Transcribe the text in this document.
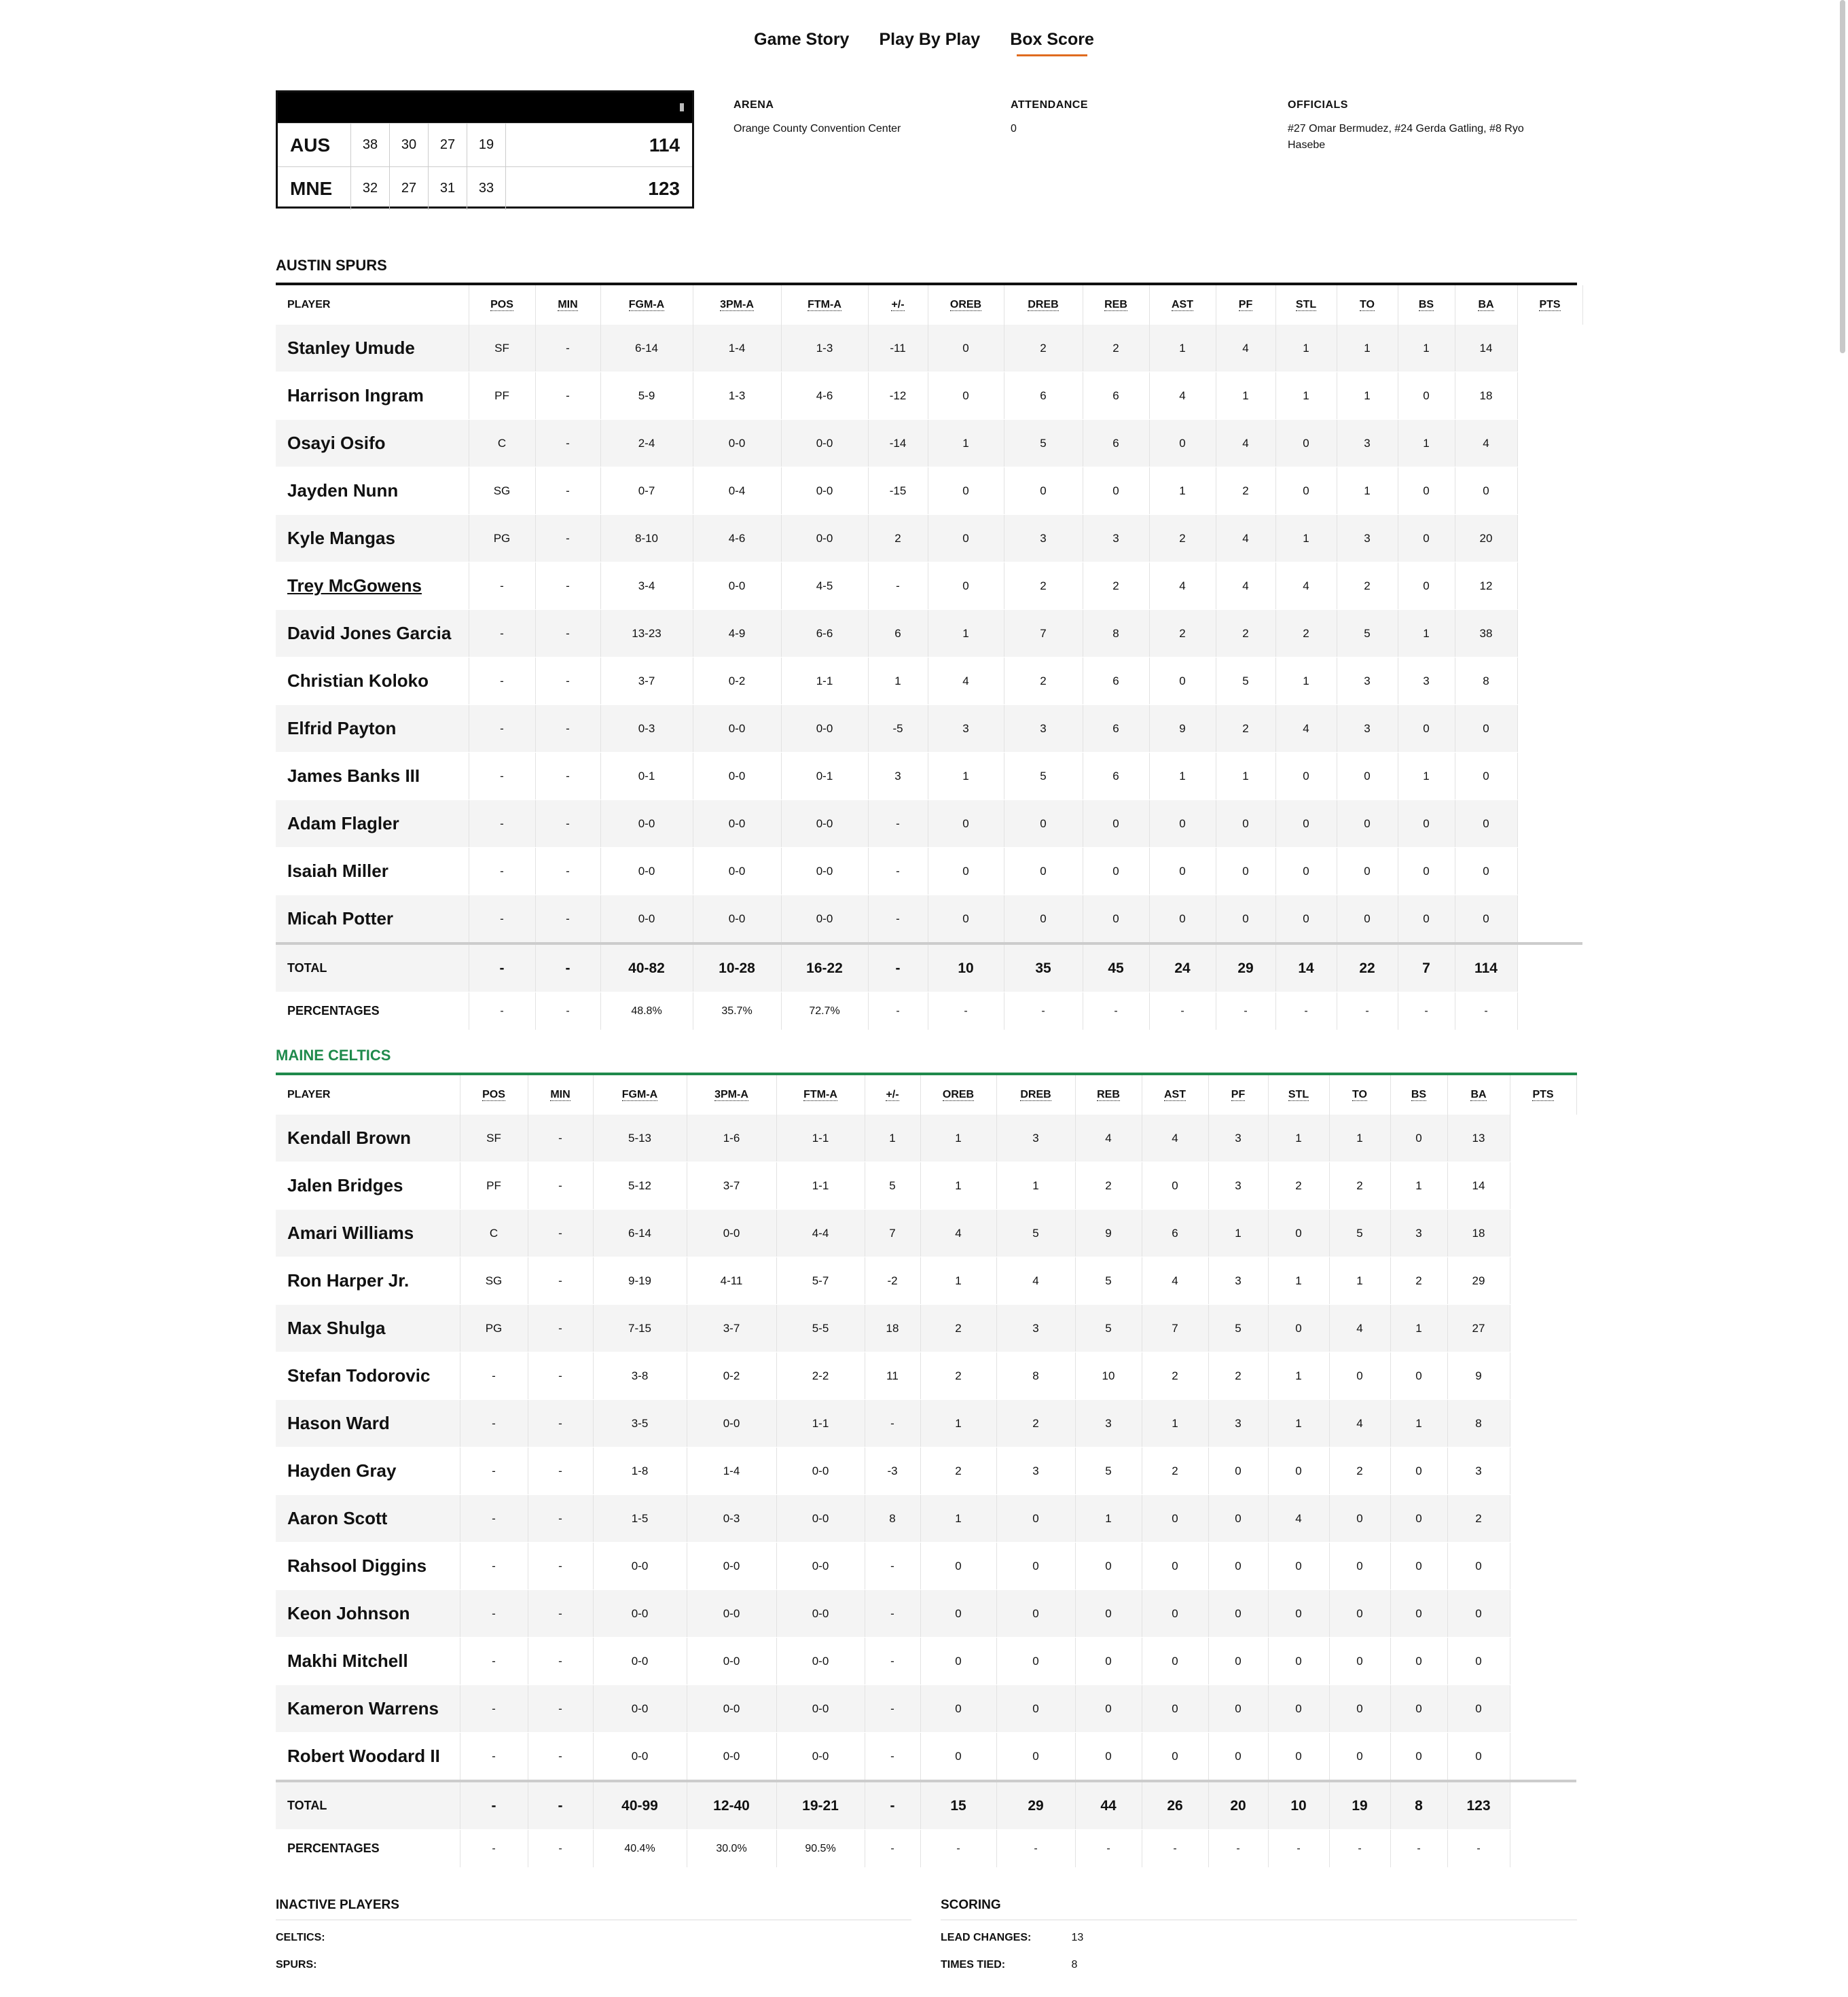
Game Story Play By Play Box Score
AUS	38	30	27	19	114
MNE	32	27	31	33	123
ARENA
Orange County Convention Center
ATTENDANCE
0
OFFICIALS
#27 Omar Bermudez, #24 Gerda Gatling, #8 Ryo Hasebe
AUSTIN SPURS
PLAYER	POS	MIN	FGM-A	3PM-A	FTM-A	+/-	OREB	DREB	REB	AST	PF	STL	TO	BS	BA	PTS
Stanley Umude	SF	-	6-14	1-4	1-3	-11	0	2	2	1	4	1	1	1	14	
Harrison Ingram	PF	-	5-9	1-3	4-6	-12	0	6	6	4	1	1	1	0	18	
Osayi Osifo	C	-	2-4	0-0	0-0	-14	1	5	6	0	4	0	3	1	4	
Jayden Nunn	SG	-	0-7	0-4	0-0	-15	0	0	0	1	2	0	1	0	0	
Kyle Mangas	PG	-	8-10	4-6	0-0	2	0	3	3	2	4	1	3	0	20	
Trey McGowens	-	-	3-4	0-0	4-5	-	0	2	2	4	4	4	2	0	12	
David Jones Garcia	-	-	13-23	4-9	6-6	6	1	7	8	2	2	2	5	1	38	
Christian Koloko	-	-	3-7	0-2	1-1	1	4	2	6	0	5	1	3	3	8	
Elfrid Payton	-	-	0-3	0-0	0-0	-5	3	3	6	9	2	4	3	0	0	
James Banks III	-	-	0-1	0-0	0-1	3	1	5	6	1	1	0	0	1	0	
Adam Flagler	-	-	0-0	0-0	0-0	-	0	0	0	0	0	0	0	0	0	
Isaiah Miller	-	-	0-0	0-0	0-0	-	0	0	0	0	0	0	0	0	0	
Micah Potter	-	-	0-0	0-0	0-0	-	0	0	0	0	0	0	0	0	0	
TOTAL	-	-	40-82	10-28	16-22	-	10	35	45	24	29	14	22	7	114	
PERCENTAGES	-	-	48.8%	35.7%	72.7%	-	-	-	-	-	-	-	-	-	-	
MAINE CELTICS
PLAYER	POS	MIN	FGM-A	3PM-A	FTM-A	+/-	OREB	DREB	REB	AST	PF	STL	TO	BS	BA	PTS
Kendall Brown	SF	-	5-13	1-6	1-1	1	1	3	4	4	3	1	1	0	13	
Jalen Bridges	PF	-	5-12	3-7	1-1	5	1	1	2	0	3	2	2	1	14	
Amari Williams	C	-	6-14	0-0	4-4	7	4	5	9	6	1	0	5	3	18	
Ron Harper Jr.	SG	-	9-19	4-11	5-7	-2	1	4	5	4	3	1	1	2	29	
Max Shulga	PG	-	7-15	3-7	5-5	18	2	3	5	7	5	0	4	1	27	
Stefan Todorovic	-	-	3-8	0-2	2-2	11	2	8	10	2	2	1	0	0	9	
Hason Ward	-	-	3-5	0-0	1-1	-	1	2	3	1	3	1	4	1	8	
Hayden Gray	-	-	1-8	1-4	0-0	-3	2	3	5	2	0	0	2	0	3	
Aaron Scott	-	-	1-5	0-3	0-0	8	1	0	1	0	0	4	0	0	2	
Rahsool Diggins	-	-	0-0	0-0	0-0	-	0	0	0	0	0	0	0	0	0	
Keon Johnson	-	-	0-0	0-0	0-0	-	0	0	0	0	0	0	0	0	0	
Makhi Mitchell	-	-	0-0	0-0	0-0	-	0	0	0	0	0	0	0	0	0	
Kameron Warrens	-	-	0-0	0-0	0-0	-	0	0	0	0	0	0	0	0	0	
Robert Woodard II	-	-	0-0	0-0	0-0	-	0	0	0	0	0	0	0	0	0	
TOTAL	-	-	40-99	12-40	19-21	-	15	29	44	26	20	10	19	8	123	
PERCENTAGES	-	-	40.4%	30.0%	90.5%	-	-	-	-	-	-	-	-	-	-	
INACTIVE PLAYERS
CELTICS:
SPURS:
SCORING
LEAD CHANGES:	13
TIMES TIED:	8
